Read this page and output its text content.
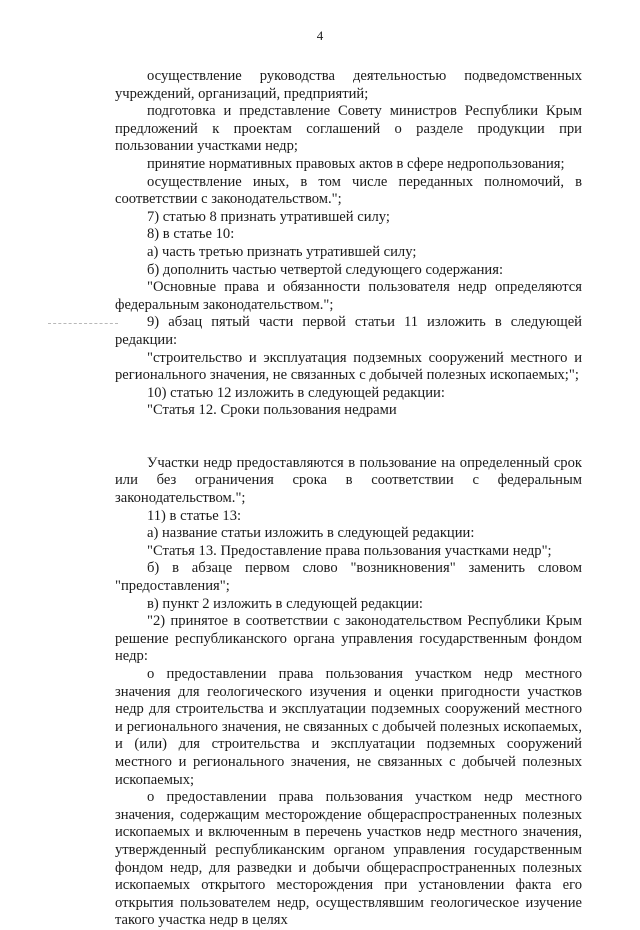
4

осуществление руководства деятельностью подведомственных учреждений, организаций, предприятий;

подготовка и представление Совету министров Республики Крым предложений к проектам соглашений о разделе продукции при пользовании участками недр;

принятие нормативных правовых актов в сфере недропользования;

осуществление иных, в том числе переданных полномочий, в соответствии с законодательством.";

7) статью 8 признать утратившей силу;

8) в статье 10:

а) часть третью признать утратившей силу;

б) дополнить частью четвертой следующего содержания:

"Основные права и обязанности пользователя недр определяются федеральным законодательством.";

9) абзац пятый части первой статьи 11 изложить в следующей редакции:

"строительство и эксплуатация подземных сооружений местного и регионального значения, не связанных с добычей полезных ископаемых;";

10) статью 12 изложить в следующей редакции:

"Статья 12. Сроки пользования недрами

Участки недр предоставляются в пользование на определенный срок или без ограничения срока в соответствии с федеральным законодательством.";

11) в статье 13:

а) название статьи изложить в следующей редакции:

"Статья 13. Предоставление права пользования участками недр";

б) в абзаце первом слово "возникновения" заменить словом "предоставления";

в) пункт 2 изложить в следующей редакции:

"2) принятое в соответствии с законодательством Республики Крым решение республиканского органа управления государственным фондом недр:

о предоставлении права пользования участком недр местного значения для геологического изучения и оценки пригодности участков недр для строительства и эксплуатации подземных сооружений местного и регионального значения, не связанных с добычей полезных ископаемых, и (или) для строительства и эксплуатации подземных сооружений местного и регионального значения, не связанных с добычей полезных ископаемых;

о предоставлении права пользования участком недр местного значения, содержащим месторождение общераспространенных полезных ископаемых и включенным в перечень участков недр местного значения, утвержденный республиканским органом управления государственным фондом недр, для разведки и добычи общераспространенных полезных ископаемых открытого месторождения при установлении факта его открытия пользователем недр, осуществлявшим геологическое изучение такого участка недр в целях
